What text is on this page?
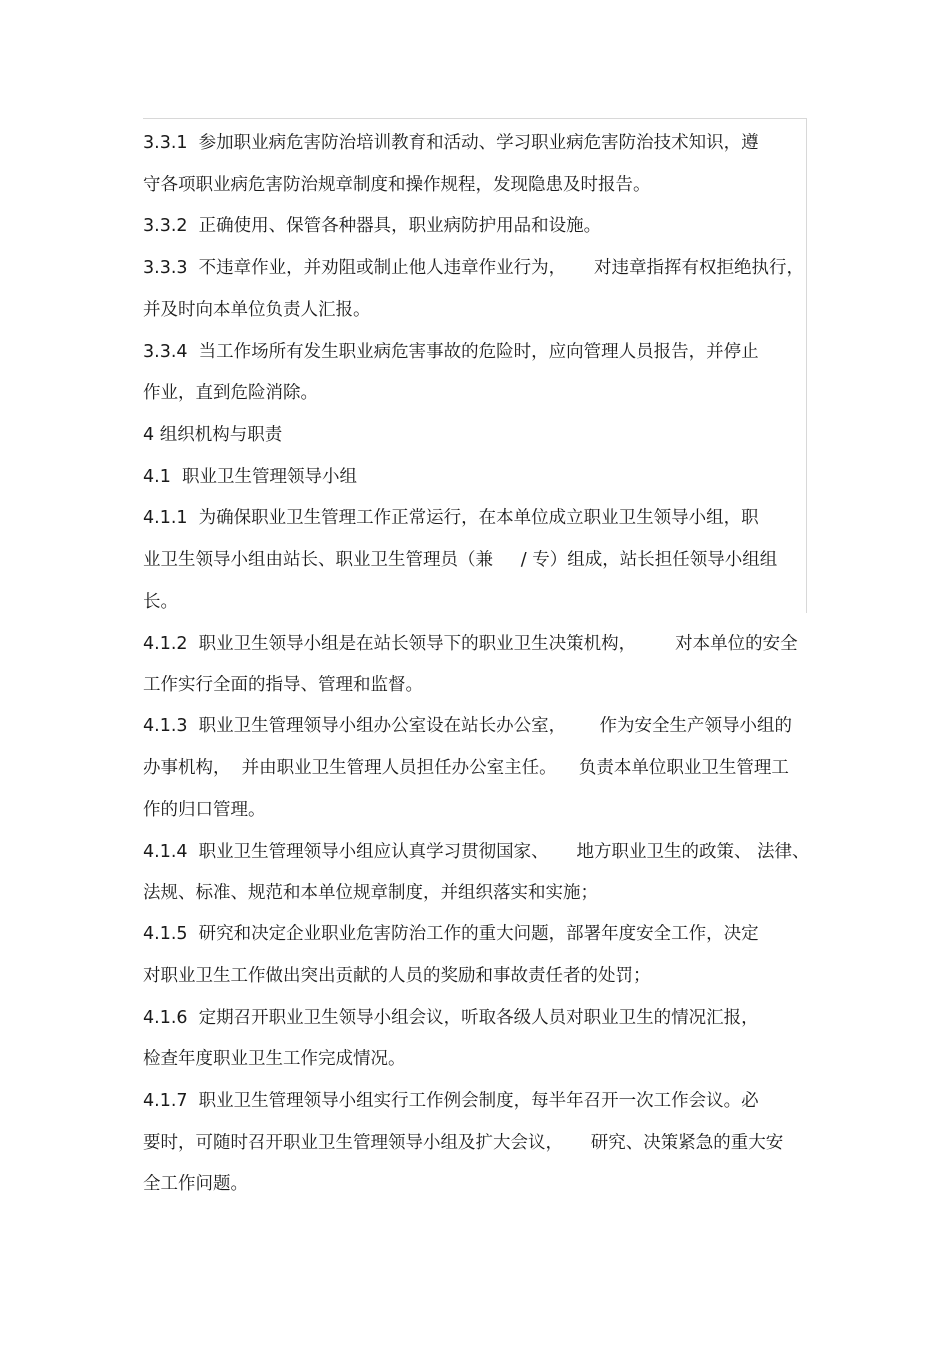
3.3.1  参加职业病危害防治培训教育和活动、学习职业病危害防治技术知识，遵
守各项职业病危害防治规章制度和操作规程，发现隐患及时报告。
3.3.2  正确使用、保管各种器具，职业病防护用品和设施。
3.3.3  不违章作业，并劝阻或制止他人违章作业行为，     对违章指挥有权拒绝执行，
并及时向本单位负责人汇报。
3.3.4  当工作场所有发生职业病危害事故的危险时，应向管理人员报告，并停止
作业，直到危险消除。
4 组织机构与职责
4.1  职业卫生管理领导小组
4.1.1  为确保职业卫生管理工作正常运行，在本单位成立职业卫生领导小组，职
业卫生领导小组由站长、职业卫生管理员（兼     / 专）组成，站长担任领导小组组
长。
4.1.2  职业卫生领导小组是在站长领导下的职业卫生决策机构，       对本单位的安全
工作实行全面的指导、管理和监督。
4.1.3  职业卫生管理领导小组办公室设在站长办公室，      作为安全生产领导小组的
办事机构，  并由职业卫生管理人员担任办公室主任。    负责本单位职业卫生管理工
作的归口管理。
4.1.4  职业卫生管理领导小组应认真学习贯彻国家、     地方职业卫生的政策、 法律、
法规、标准、规范和本单位规章制度，并组织落实和实施；
4.1.5  研究和决定企业职业危害防治工作的重大问题，部署年度安全工作，决定
对职业卫生工作做出突出贡献的人员的奖励和事故责任者的处罚；
4.1.6  定期召开职业卫生领导小组会议，听取各级人员对职业卫生的情况汇报，
检查年度职业卫生工作完成情况。
4.1.7  职业卫生管理领导小组实行工作例会制度，每半年召开一次工作会议。必
要时，可随时召开职业卫生管理领导小组及扩大会议，     研究、决策紧急的重大安
全工作问题。
